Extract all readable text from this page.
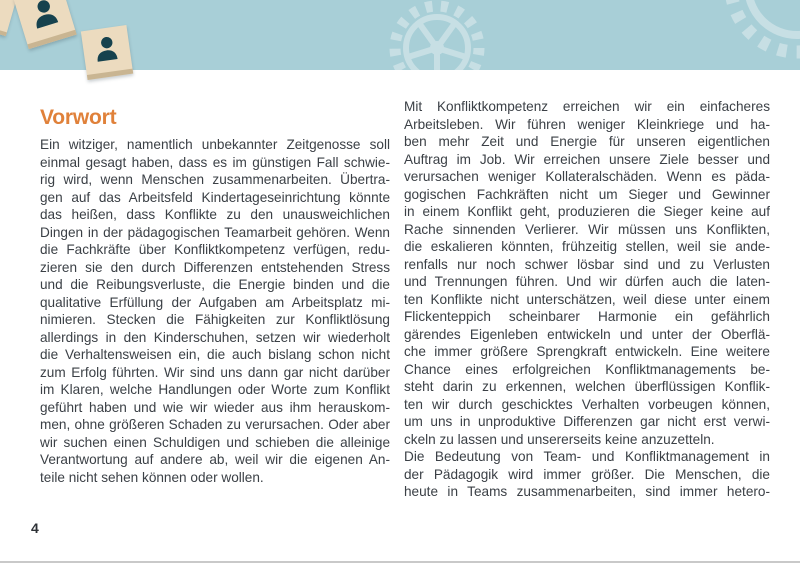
Vorwort
Ein witziger, namentlich unbekannter Zeitgenosse soll
einmal gesagt haben, dass es im günstigen Fall schwie-
rig wird, wenn Menschen zusammenarbeiten. Übertra-
gen auf das Arbeitsfeld Kindertageseinrichtung könnte
das heißen, dass Konflikte zu den unausweichlichen
Dingen in der pädagogischen Teamarbeit gehören. Wenn
die Fachkräfte über Konfliktkompetenz verfügen, redu-
zieren sie den durch Differenzen entstehenden Stress
und die Reibungsverluste, die Energie binden und die
qualitative Erfüllung der Aufgaben am Arbeitsplatz mi-
nimieren. Stecken die Fähigkeiten zur Konfliktlösung
allerdings in den Kinderschuhen, setzen wir wiederholt
die Verhaltensweisen ein, die auch bislang schon nicht
zum Erfolg führten. Wir sind uns dann gar nicht darüber
im Klaren, welche Handlungen oder Worte zum Konflikt
geführt haben und wie wir wieder aus ihm herauskom-
men, ohne größeren Schaden zu verursachen. Oder aber
wir suchen einen Schuldigen und schieben die alleinige
Verantwortung auf andere ab, weil wir die eigenen An-
teile nicht sehen können oder wollen.
Mit Konfliktkompetenz erreichen wir ein einfacheres
Arbeitsleben. Wir führen weniger Kleinkriege und ha-
ben mehr Zeit und Energie für unseren eigentlichen
Auftrag im Job. Wir erreichen unsere Ziele besser und
verursachen weniger Kollateralschäden. Wenn es päda-
gogischen Fachkräften nicht um Sieger und Gewinner
in einem Konflikt geht, produzieren die Sieger keine auf
Rache sinnenden Verlierer. Wir müssen uns Konflikten,
die eskalieren könnten, frühzeitig stellen, weil sie ande-
renfalls nur noch schwer lösbar sind und zu Verlusten
und Trennungen führen. Und wir dürfen auch die laten-
ten Konflikte nicht unterschätzen, weil diese unter einem
Flickenteppich scheinbarer Harmonie ein gefährlich
gärendes Eigenleben entwickeln und unter der Oberflä-
che immer größere Sprengkraft entwickeln. Eine weitere
Chance eines erfolgreichen Konfliktmanagements be-
steht darin zu erkennen, welchen überflüssigen Konflik-
ten wir durch geschicktes Verhalten vorbeugen können,
um uns in unproduktive Differenzen gar nicht erst verwi-
ckeln zu lassen und unsererseits keine anzuzetteln.
Die Bedeutung von Team- und Konfliktmanagement in
der Pädagogik wird immer größer. Die Menschen, die
heute in Teams zusammenarbeiten, sind immer hetero-
4
